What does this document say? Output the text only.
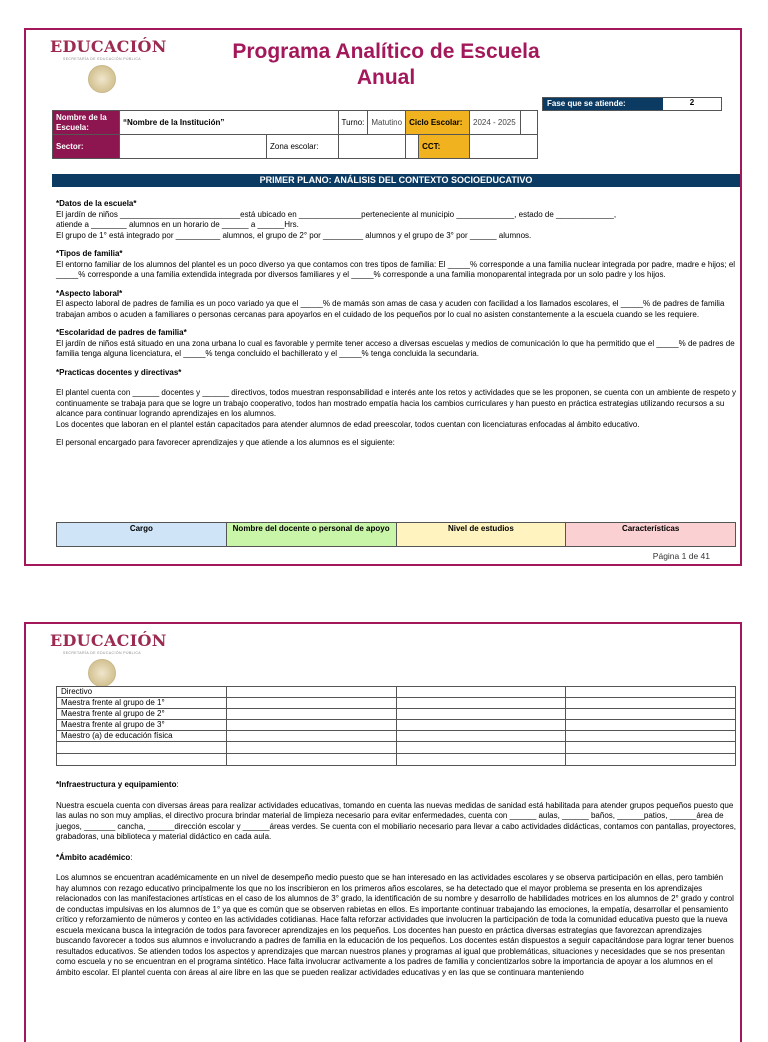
EDUCACIÓN
SECRETARÍA DE EDUCACIÓN PÚBLICA	Programa Analítico de Escuela
Anual
Fase que se atiende:	2
Nombre de la Escuela:	“Nombre de la Institución”		Turno:	Matutino	Ciclo Escolar:		2024 - 2025	
Sector:		Zona escolar:				CCT:		
PRIMER PLANO: ANÁLISIS DEL CONTEXTO SOCIOEDUCATIVO

*Datos de la escuela*

El jardín de niños ___________________________está ubicado en ______________perteneciente al municipio _____________, estado de _____________,

atiende a ________ alumnos en un horario de ______ a ______Hrs.

El grupo de 1° está integrado por __________ alumnos, el grupo de 2° por _________ alumnos y el grupo de 3° por ______ alumnos.

*Tipos de familia*

El entorno familiar de los alumnos del plantel es un poco diverso ya que contamos con tres tipos de familia: El _____% corresponde a una familia nuclear integrada por padre, madre e hijos; el _____% corresponde a una familia extendida integrada por diversos familiares y el _____% corresponde a una familia monoparental integrada por un solo padre y los hijos.

*Aspecto laboral*

El aspecto laboral de padres de familia es un poco variado ya que el _____% de mamás son amas de casa y acuden con facilidad a los llamados escolares, el _____% de padres de familia trabajan ambos o acuden a familiares o personas cercanas para apoyarlos en el cuidado de los pequeños por lo cual no asisten constantemente a la escuela cuando se les requiere.

*Escolaridad de padres de familia*

El jardín de niños está situado en una zona urbana lo cual es favorable y permite tener acceso a diversas escuelas y medios de comunicación lo que ha permitido que el _____% de padres de familia tenga alguna licenciatura, el _____% tenga concluido el bachillerato y el _____% tenga concluida la secundaria.

*Practicas docentes y directivas*

El plantel cuenta con ______ docentes y ______ directivos, todos muestran responsabilidad e interés ante los retos y actividades que se les proponen, se cuenta con un ambiente de respeto y continuamente se trabaja para que se logre un trabajo cooperativo, todos han mostrado empatía hacia los cambios curriculares y han puesto en práctica estrategias utilizando recursos a su alcance para continuar logrando aprendizajes en los alumnos.

Los docentes que laboran en el plantel están capacitados para atender alumnos de edad preescolar, todos cuentan con licenciaturas enfocadas al ámbito educativo.

El personal encargado para favorecer aprendizajes y que atiende a los alumnos es el siguiente:

Cargo	Nombre del docente o personal de apoyo	Nivel de estudios	Características
Página 1 de 41
EDUCACIÓN
SECRETARÍA DE EDUCACIÓN PÚBLICA
Directivo			
Maestra frente al grupo de 1°			
Maestra frente al grupo de 2°			
Maestra frente al grupo de 3°			
Maestro (a) de educación física			

*Infraestructura y equipamiento:

Nuestra escuela cuenta con diversas áreas para realizar actividades educativas, tomando en cuenta las nuevas medidas de sanidad está habilitada para atender grupos pequeños puesto que las aulas no son muy amplias, el directivo procura brindar material de limpieza necesario para evitar enfermedades, cuenta con ______ aulas, ______ baños, ______patios, ______área de juegos, _______ cancha, ______dirección escolar y ______áreas verdes. Se cuenta con el mobiliario necesario para llevar a cabo actividades didácticas, contamos con pantallas, proyectores, grabadoras, una biblioteca y material didáctico en cada aula.

*Ámbito académico:

Los alumnos se encuentran académicamente en un nivel de desempeño medio puesto que se han interesado en las actividades escolares y se observa participación en ellas, pero también hay alumnos con rezago educativo principalmente los que no los inscribieron en los primeros años escolares, se ha detectado que el mayor problema se presenta en los aprendizajes relacionados con las manifestaciones artísticas en el caso de los alumnos de 3° grado, la identificación de su nombre y desarrollo de habilidades motrices en los alumnos de 2° grado y control de conductas impulsivas en los alumnos de 1° ya que es común que se observen rabietas en ellos. Es importante continuar trabajando las emociones, la empatía, desarrollar el pensamiento crítico y reforzamiento de números y conteo en las actividades cotidianas. Hace falta reforzar actividades que involucren la participación de toda la comunidad educativa puesto que la nueva escuela mexicana busca la integración de todos para favorecer aprendizajes en los pequeños. Los docentes han puesto en práctica diversas estrategias que favorezcan aprendizajes buscando favorecer a todos sus alumnos e involucrando a padres de familia en la educación de los pequeños. Los docentes están dispuestos a seguir capacitándose para lograr tener buenos resultados educativos. Se atienden todos los aspectos y aprendizajes que marcan nuestros planes y programas al igual que problemáticas, situaciones y necesidades que se nos presentan como escuela y no se encuentran en el programa sintético. Hace falta involucrar activamente a los padres de familia y concientizarlos sobre la importancia de apoyar a los alumnos en el ámbito escolar. El plantel cuenta con áreas al aire libre en las que se pueden realizar actividades educativas y en las que se continuara manteniendo
